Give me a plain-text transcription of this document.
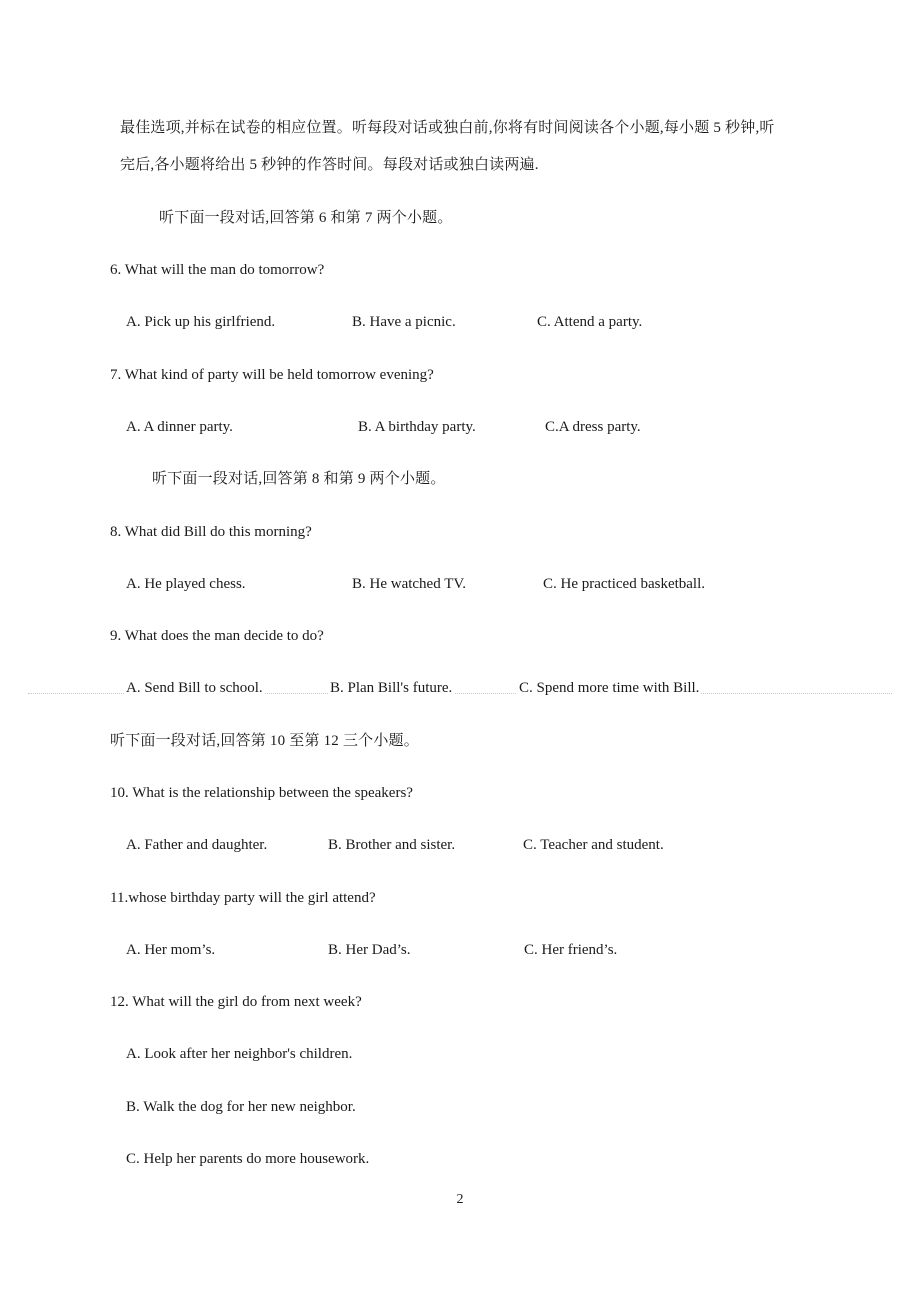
最佳选项,并标在试卷的相应位置。听每段对话或独白前,你将有时间阅读各个小题,每小题 5 秒钟,听
完后,各小题将给出 5 秒钟的作答时间。每段对话或独白读两遍.
听下面一段对话,回答第 6 和第 7 两个小题。
6. What will the man do tomorrow?
A. Pick up his girlfriend.	B. Have a picnic.	C. Attend a party.
7. What kind of party will be held tomorrow evening?
A. A dinner party.	B. A birthday party.	C.A dress party.
听下面一段对话,回答第 8 和第 9 两个小题。
8. What did Bill do this morning?
A. He played chess.	B. He watched TV.	C. He practiced basketball.
9. What does the man decide to do?
A. Send Bill to school.	B. Plan Bill's future.	C. Spend more time with Bill.
听下面一段对话,回答第 10 至第 12 三个小题。
10. What is the relationship between the speakers?
A. Father and daughter.	B. Brother and sister.	C. Teacher and student.
11.whose birthday party will the girl attend?
A. Her mom’s.	B. Her Dad’s.	C. Her friend’s.
12. What will the girl do from next week?
A. Look after her neighbor's children.
B. Walk the dog for her new neighbor.
C. Help her parents do more housework.
2
